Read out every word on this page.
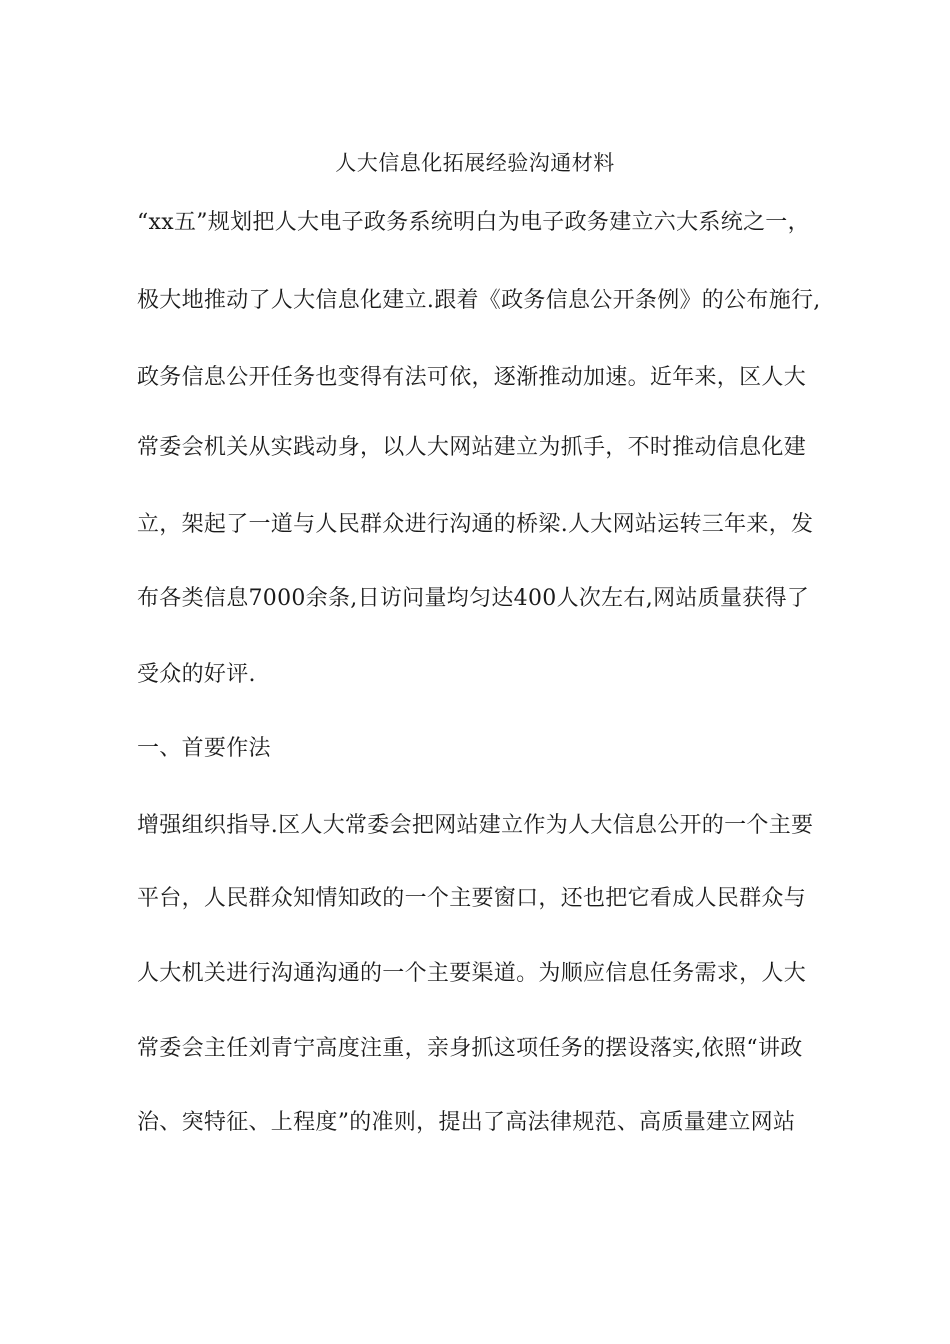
人大信息化拓展经验沟通材料
“xx五”规划把人大电子政务系统明白为电子政务建立六大系统之一，
极大地推动了人大信息化建立.跟着《政务信息公开条例》的公布施行,
政务信息公开任务也变得有法可依，逐渐推动加速。近年来，区人大
常委会机关从实践动身，以人大网站建立为抓手，不时推动信息化建
立，架起了一道与人民群众进行沟通的桥梁.人大网站运转三年来，发
布各类信息7000余条,日访问量均匀达400人次左右,网站质量获得了
受众的好评.
一、首要作法
增强组织指导.区人大常委会把网站建立作为人大信息公开的一个主要
平台，人民群众知情知政的一个主要窗口，还也把它看成人民群众与
人大机关进行沟通沟通的一个主要渠道。为顺应信息任务需求，人大
常委会主任刘青宁高度注重，亲身抓这项任务的摆设落实,依照“讲政
治、突特征、上程度”的准则，提出了高法律规范、高质量建立网站
